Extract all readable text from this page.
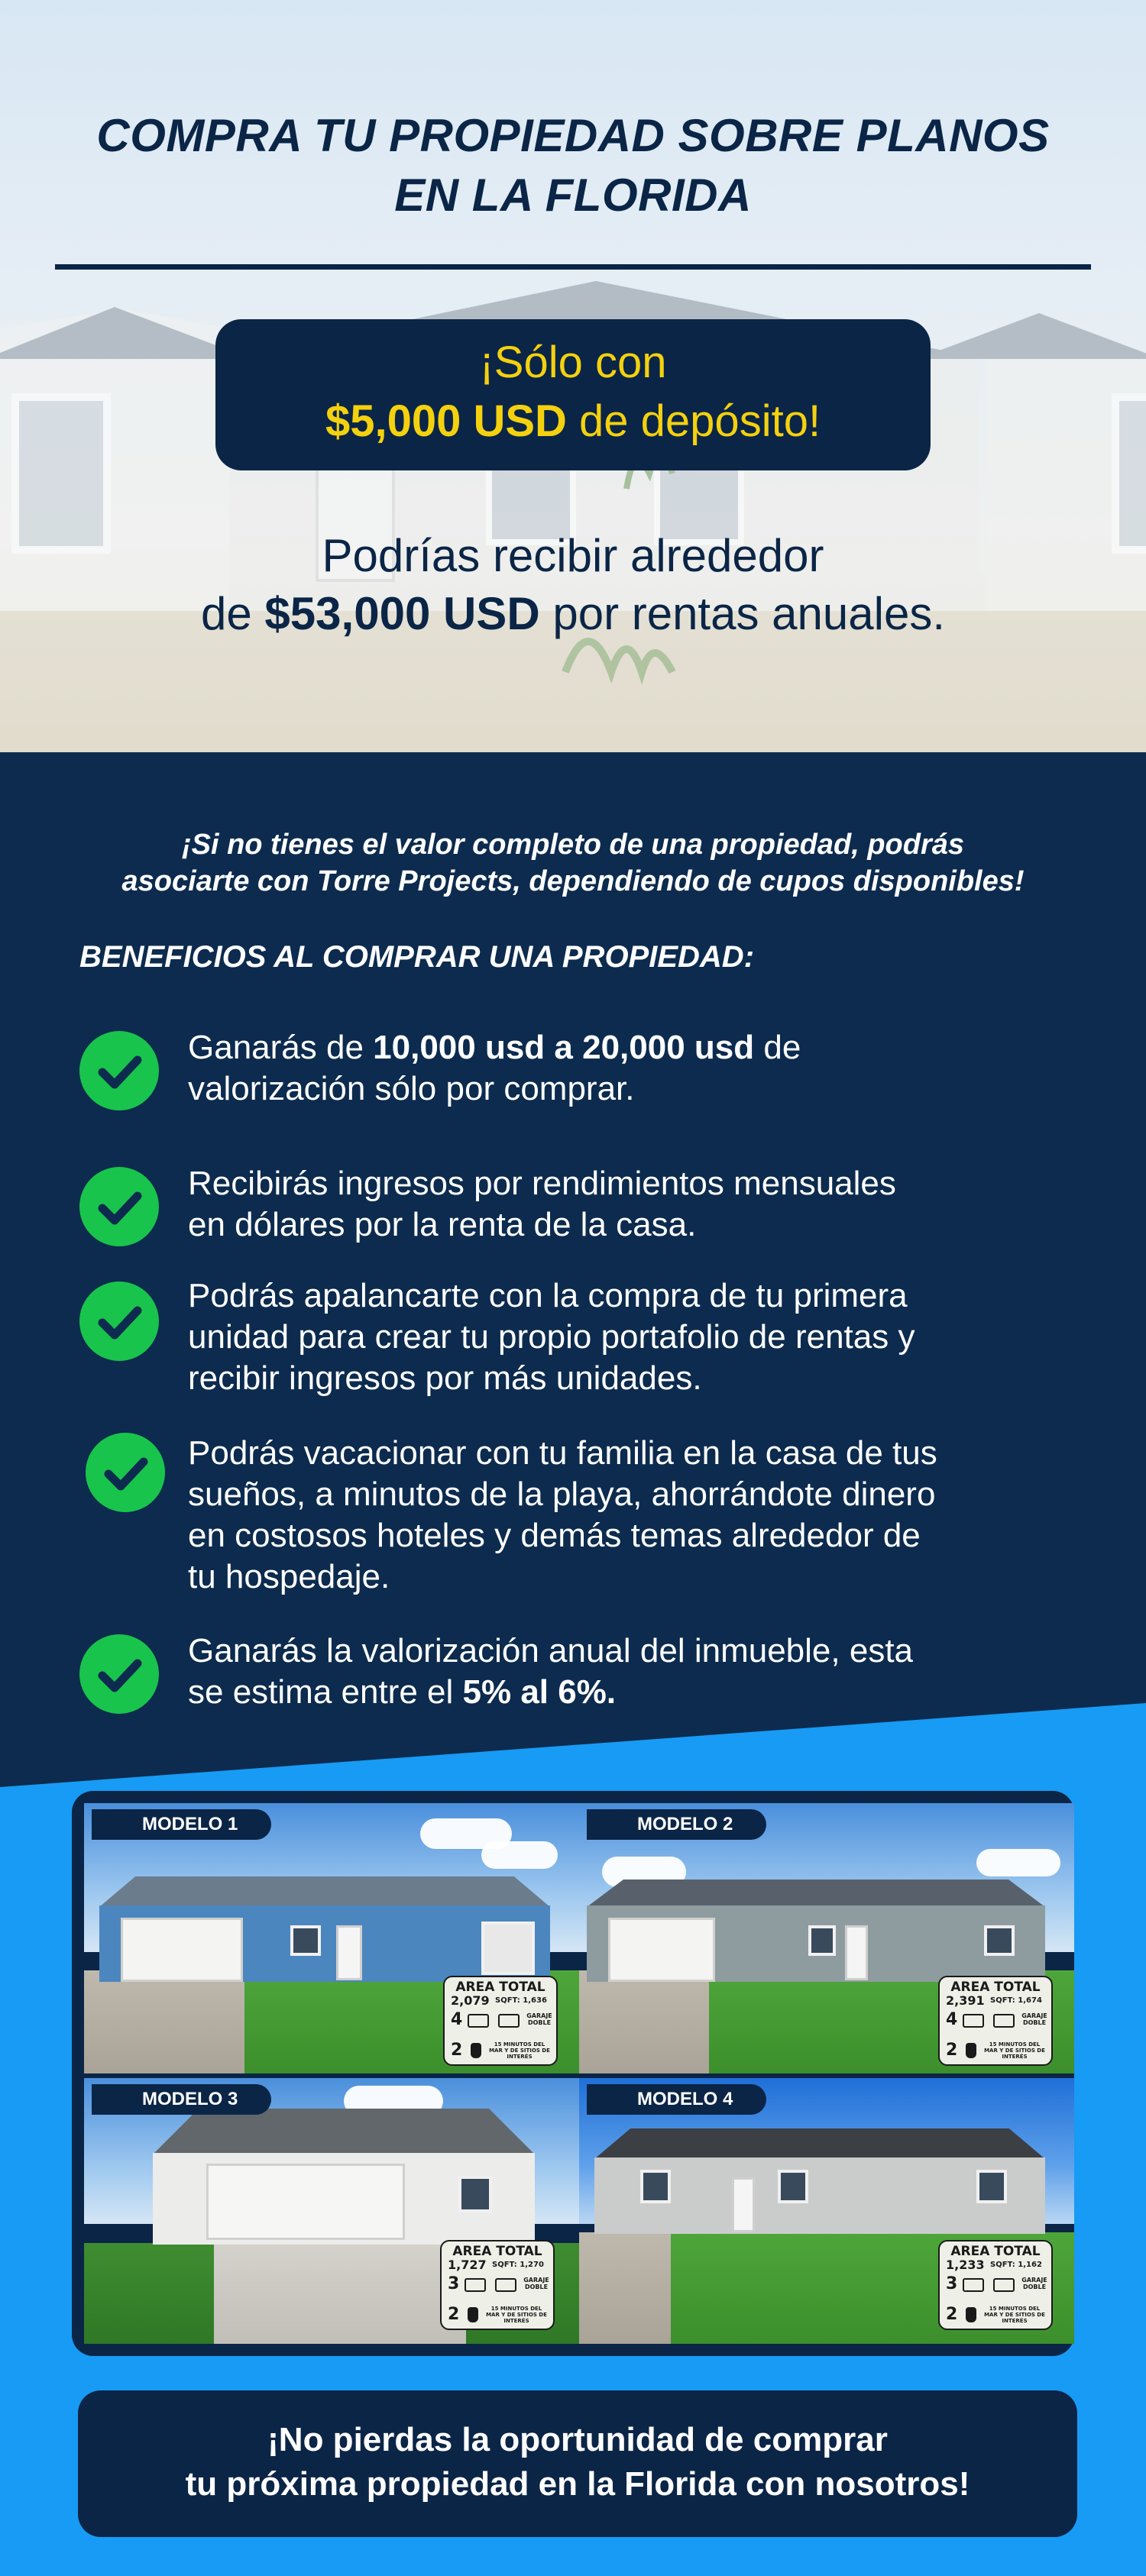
COMPRA TU PROPIEDAD SOBRE PLANOS
EN LA FLORIDA
¡Sólo con
$5,000 USD de depósito!
Podrías recibir alrededor
de $53,000 USD por rentas anuales.
¡Si no tienes el valor completo de una propiedad, podrás
asociarte con Torre Projects, dependiendo de cupos disponibles!
BENEFICIOS AL COMPRAR UNA PROPIEDAD:
Ganarás de 10,000 usd a 20,000 usd de
valorización sólo por comprar.
Recibirás ingresos por rendimientos mensuales
en dólares por la renta de la casa.
Podrás apalancarte con la compra de tu primera
unidad para crear tu propio portafolio de rentas y
recibir ingresos por más unidades.
Podrás vacacionar con tu familia en la casa de tus
sueños, a minutos de la playa, ahorrándote dinero
en costosos hoteles y demás temas alrededor de
tu hospedaje.
Ganarás la valorización anual del inmueble, esta
se estima entre el 5% al 6%.
MODELO 1
AREA TOTAL
2,079 SQFT: 1,636
4	GARAJE DOBLE
2	15 MINUTOS DEL MAR Y DE SITIOS DE INTERÉS
MODELO 2
AREA TOTAL
2,391 SQFT: 1,674
4	GARAJE DOBLE
2	15 MINUTOS DEL MAR Y DE SITIOS DE INTERÉS
MODELO 3
AREA TOTAL
1,727 SQFT: 1,270
3	GARAJE DOBLE
2	15 MINUTOS DEL MAR Y DE SITIOS DE INTERÉS
MODELO 4
AREA TOTAL
1,233 SQFT: 1,162
3	GARAJE DOBLE
2	15 MINUTOS DEL MAR Y DE SITIOS DE INTERÉS
¡No pierdas la oportunidad de comprar
tu próxima propiedad en la Florida con nosotros!
